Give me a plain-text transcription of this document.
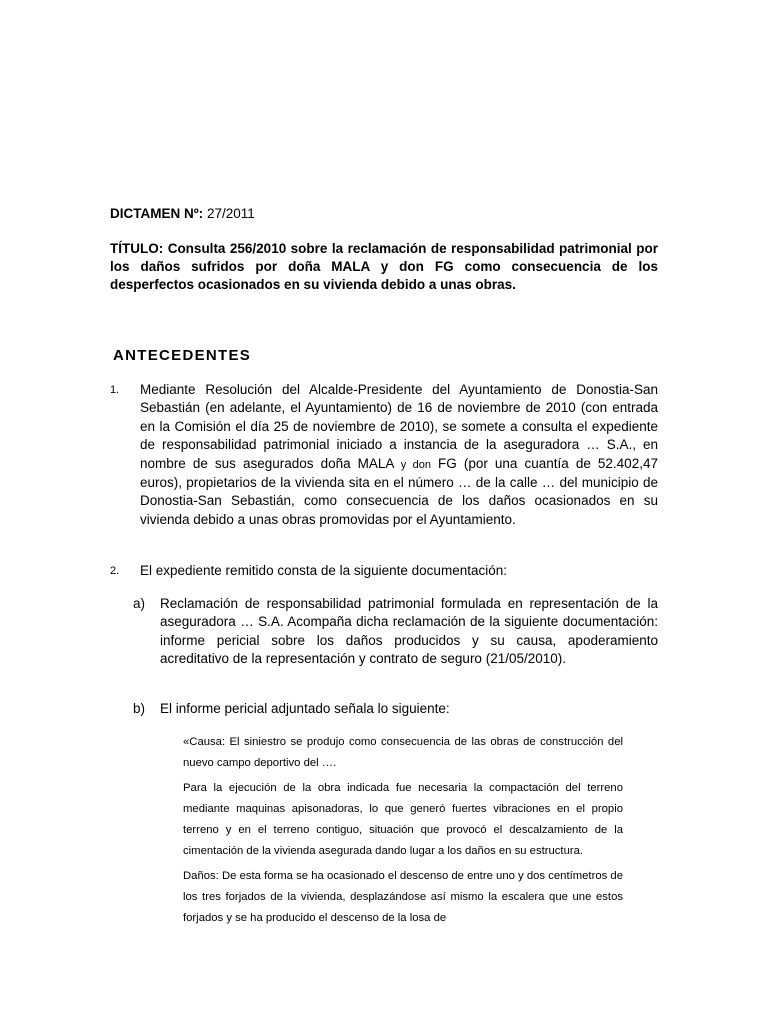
DICTAMEN Nº: 27/2011
TÍTULO: Consulta 256/2010 sobre la reclamación de responsabilidad patrimonial por los daños sufridos por doña MALA y don FG como consecuencia de los desperfectos ocasionados en su vivienda debido a unas obras.
ANTECEDENTES
1. Mediante Resolución del Alcalde-Presidente del Ayuntamiento de Donostia-San Sebastián (en adelante, el Ayuntamiento) de 16 de noviembre de 2010 (con entrada en la Comisión el día 25 de noviembre de 2010), se somete a consulta el expediente de responsabilidad patrimonial iniciado a instancia de la aseguradora … S.A., en nombre de sus asegurados doña MALA y don FG (por una cuantía de 52.402,47 euros), propietarios de la vivienda sita en el número … de la calle … del municipio de Donostia-San Sebastián, como consecuencia de los daños ocasionados en su vivienda debido a unas obras promovidas por el Ayuntamiento.
2. El expediente remitido consta de la siguiente documentación:
a) Reclamación de responsabilidad patrimonial formulada en representación de la aseguradora … S.A. Acompaña dicha reclamación de la siguiente documentación: informe pericial sobre los daños producidos y su causa, apoderamiento acreditativo de la representación y contrato de seguro (21/05/2010).
b) El informe pericial adjuntado señala lo siguiente:
«Causa: El siniestro se produjo como consecuencia de las obras de construcción del nuevo campo deportivo del ….
Para la ejecución de la obra indicada fue necesaria la compactación del terreno mediante maquinas apisonadoras, lo que generó fuertes vibraciones en el propio terreno y en el terreno contiguo, situación que provocó el descalzamiento de la cimentación de la vivienda asegurada dando lugar a los daños en su estructura.
Daños: De esta forma se ha ocasionado el descenso de entre uno y dos centímetros de los tres forjados de la vivienda, desplazándose así mismo la escalera que une estos forjados y se ha producido el descenso de la losa de
